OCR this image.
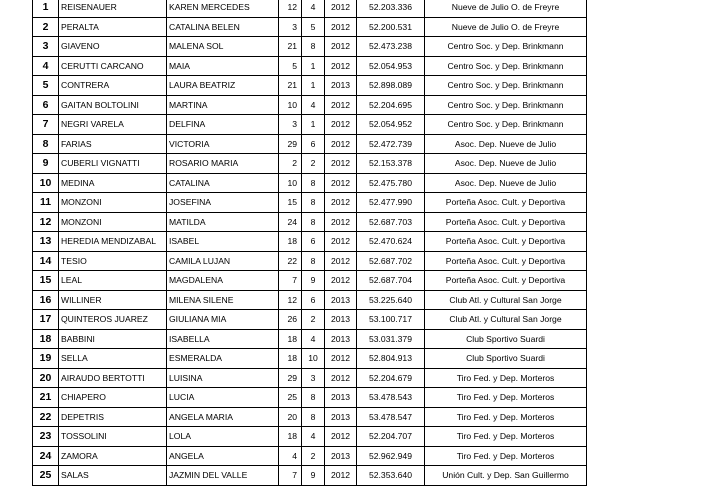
1	REISENAUER	KAREN MERCEDES	12	4	2012	52.203.336	Nueve de Julio O. de Freyre
2	PERALTA	CATALINA BELEN	3	5	2012	52.200.531	Nueve de Julio O. de Freyre
3	GIAVENO	MALENA SOL	21	8	2012	52.473.238	Centro Soc. y Dep. Brinkmann
4	CERUTTI CARCANO	MAIA	5	1	2012	52.054.953	Centro Soc. y Dep. Brinkmann
5	CONTRERA	LAURA BEATRIZ	21	1	2013	52.898.089	Centro Soc. y Dep. Brinkmann
6	GAITAN BOLTOLINI	MARTINA	10	4	2012	52.204.695	Centro Soc. y Dep. Brinkmann
7	NEGRI VARELA	DELFINA	3	1	2012	52.054.952	Centro Soc. y Dep. Brinkmann
8	FARIAS	VICTORIA	29	6	2012	52.472.739	Asoc. Dep. Nueve de Julio
9	CUBERLI VIGNATTI	ROSARIO MARIA	2	2	2012	52.153.378	Asoc. Dep. Nueve de Julio
10	MEDINA	CATALINA	10	8	2012	52.475.780	Asoc. Dep. Nueve de Julio
11	MONZONI	JOSEFINA	15	8	2012	52.477.990	Porteña Asoc. Cult. y Deportiva
12	MONZONI	MATILDA	24	8	2012	52.687.703	Porteña Asoc. Cult. y Deportiva
13	HEREDIA MENDIZABAL	ISABEL	18	6	2012	52.470.624	Porteña Asoc. Cult. y Deportiva
14	TESIO	CAMILA LUJAN	22	8	2012	52.687.702	Porteña Asoc. Cult. y Deportiva
15	LEAL	MAGDALENA	7	9	2012	52.687.704	Porteña Asoc. Cult. y Deportiva
16	WILLINER	MILENA SILENE	12	6	2013	53.225.640	Club Atl. y Cultural San Jorge
17	QUINTEROS JUAREZ	GIULIANA MIA	26	2	2013	53.100.717	Club Atl. y Cultural San Jorge
18	BABBINI	ISABELLA	18	4	2013	53.031.379	Club Sportivo Suardi
19	SELLA	ESMERALDA	18	10	2012	52.804.913	Club Sportivo Suardi
20	AIRAUDO BERTOTTI	LUISINA	29	3	2012	52.204.679	Tiro Fed. y Dep. Morteros
21	CHIAPERO	LUCIA	25	8	2013	53.478.543	Tiro Fed. y Dep. Morteros
22	DEPETRIS	ANGELA MARIA	20	8	2013	53.478.547	Tiro Fed. y Dep. Morteros
23	TOSSOLINI	LOLA	18	4	2012	52.204.707	Tiro Fed. y Dep. Morteros
24	ZAMORA	ANGELA	4	2	2013	52.962.949	Tiro Fed. y Dep. Morteros
25	SALAS	JAZMIN DEL VALLE	7	9	2012	52.353.640	Unión Cult. y Dep. San Guillermo
